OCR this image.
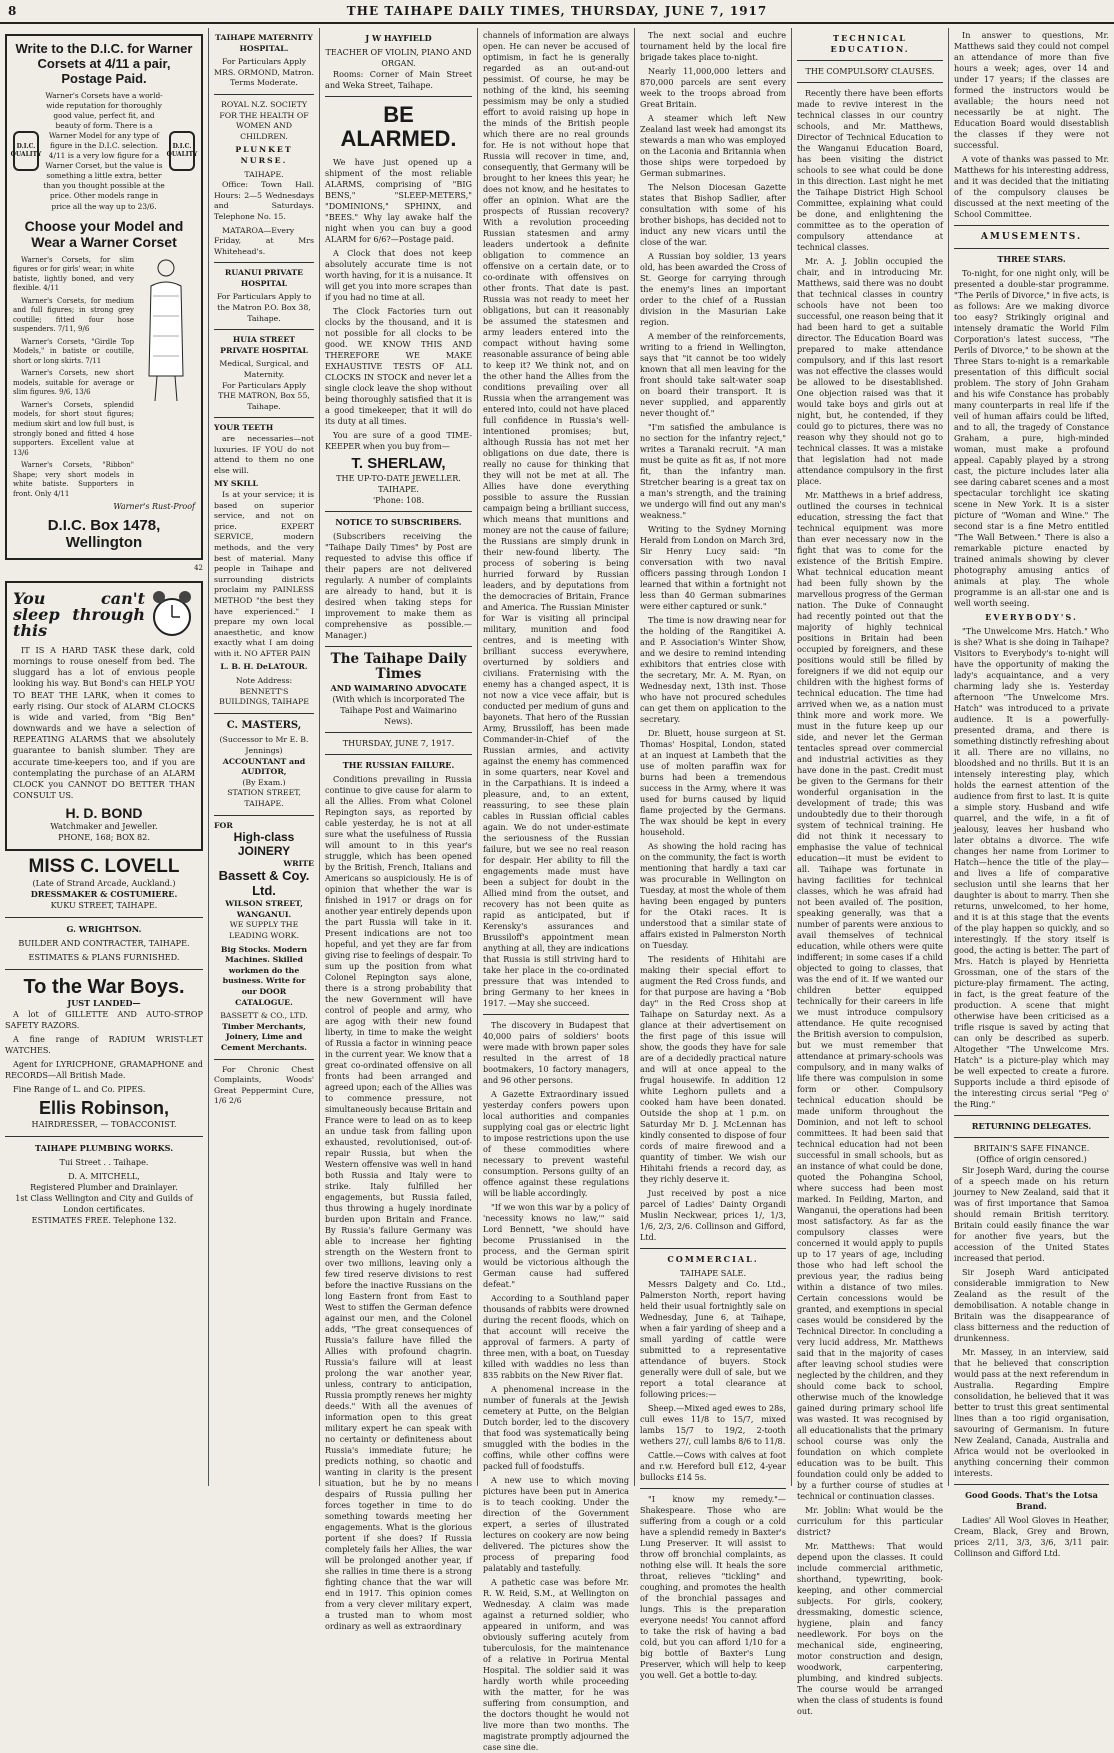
8	THE TAIHAPE DAILY TIMES, THURSDAY, JUNE 7, 1917
Write to the D.I.C. for Warner Corsets at 4/11 a pair, Postage Paid.
D.I.C. QUALITY
Warner's Corsets have a world-wide reputation for thoroughly good value, perfect fit, and beauty of form. There is a Warner Model for any type of figure in the D.I.C. selection. 4/11 is a very low figure for a Warner Corset, but the value is something a little extra, better than you thought possible at the price. Other models range in price all the way up to 23/6.
D.I.C. QUALITY
Choose your Model and Wear a Warner Corset

Warner's Corsets, for slim figures or for girls' wear; in white batiste, lightly boned, and very flexible. 4/11

Warner's Corsets, for medium and full figures; in strong grey coutille; fitted four hose suspenders. 7/11, 9/6

Warner's Corsets, "Girdle Top Models," in batiste or coutille, short or long skirts. 7/11

Warner's Corsets, new short models, suitable for average or slim figures. 9/6, 13/6

Warner's Corsets, splendid models, for short stout figures; medium skirt and low full bust, is strongly boned and fitted 4 hose supporters. Excellent value at 13/6

Warner's Corsets, "Ribbon" Shape; very short models in white batiste. Supporters in front. Only 4/11

Warner's Rust-Proof
D.I.C. Box 1478, Wellington
42
You can't sleep through this

IT IS A HARD TASK these dark, cold mornings to rouse oneself from bed. The sluggard has a lot of envious people looking his way. But Bond's can HELP YOU TO BEAT THE LARK, when it comes to early rising. Our stock of ALARM CLOCKS is wide and varied, from "Big Ben" downwards and we have a selection of REPEATING ALARMS that we absolutely guarantee to banish slumber. They are accurate time-keepers too, and if you are contemplating the purchase of an ALARM CLOCK you CANNOT DO BETTER THAN CONSULT US.

H. D. BOND
Watchmaker and Jeweller.
PHONE, 168; BOX 82.
MISS C. LOVELL
(Late of Strand Arcade, Auckland.)
DRESSMAKER & COSTUMIERE.
KUKU STREET, TAIHAPE.
G. WRIGHTSON.
BUILDER AND CONTRACTER, TAIHAPE.
ESTIMATES & PLANS FURNISHED.
To the War Boys.
JUST LANDED—

A lot of GILLETTE AND AUTO-STROP SAFETY RAZORS.

A fine range of RADIUM WRIST-LET WATCHES.

Agent for LYRICPHONE, GRAMAPHONE and RECORDS—All British Made.

Fine Range of L. and Co. PIPES.

Ellis Robinson,
HAIRDRESSER, — TOBACCONIST.
TAIHAPE PLUMBING WORKS.
Tui Street . . Taihape.
D. A. MITCHELL,
Registered Plumber and Drainlayer.
1st Class Wellington and City and Guilds of London certificates.
ESTIMATES FREE. Telephone 132.
TAIHAPE MATERNITY HOSPITAL.
For Particulars Apply MRS. ORMOND, Matron.
Terms Moderate.
ROYAL N.Z. SOCIETY FOR THE HEALTH OF WOMEN AND CHILDREN.
PLUNKET NURSE.
TAIHAPE.

Office: Town Hall. Hours: 2—5 Wednesdays and Saturdays. Telephone No. 15.

MATAROA—Every Friday, at Mrs Whitehead's.

RUANUI PRIVATE HOSPITAL
For Particulars Apply to the Matron P.O. Box 38, Taihape.
HUIA STREET PRIVATE HOSPITAL
Medical, Surgical, and Maternity.
For Particulars Apply THE MATRON, Box 55, Taihape.
YOUR TEETH

are necessaries—not luxuries. IF YOU do not attend to them no one else will.

MY SKILL

Is at your service; it is based on superior service, and not on price. EXPERT SERVICE, modern methods, and the very best of material. Many people in Taihape and surrounding districts proclaim my PAINLESS METHOD "the best they have experienced." I prepare my own local anaesthetic, and know exactly what I am doing with it. NO AFTER PAIN

L. B. H. DeLATOUR.
Note Address:
BENNETT'S BUILDINGS, TAIHAPE
C. MASTERS,
(Successor to Mr E. B. Jennings)
ACCOUNTANT and AUDITOR,
(By Exam.)
STATION STREET, TAIHAPE.
FOR
High-class JOINERY
WRITE
Bassett & Coy. Ltd.
WILSON STREET, WANGANUI.
WE SUPPLY THE LEADING WORK.
Big Stocks. Modern Machines. Skilled workmen do the business. Write for our DOOR CATALOGUE.
BASSETT & CO., LTD.
Timber Merchants, Joinery, Lime and Cement Merchants.

For Chronic Chest Complaints, Woods' Great Peppermint Cure, 1/6 2/6

J W HAYFIELD
TEACHER OF VIOLIN, PIANO AND ORGAN.

Rooms: Corner of Main Street and Weka Street, Taihape.

BE ALARMED.

We have just opened up a shipment of the most reliable ALARMS, comprising of "BIG BENS," "SLEEP-METERS," "DOMINIONS," SPHINX, and "BEES." Why lay awake half the night when you can buy a good ALARM for 6/6?—Postage paid.

A Clock that does not keep absolutely accurate time is not worth having, for it is a nuisance. It will get you into more scrapes than if you had no time at all.

The Clock Factories turn out clocks by the thousand, and it is not possible for all clocks to be good. WE KNOW THIS AND THEREFORE WE MAKE EXHAUSTIVE TESTS OF ALL CLOCKS IN STOCK and never let a single clock leave the shop without being thoroughly satisfied that it is a good timekeeper, that it will do its duty at all times.

You are sure of a good TIME-KEEPER when you buy from—

T. SHERLAW,
THE UP-TO-DATE JEWELLER.
TAIHAPE.
'Phone: 108.
NOTICE TO SUBSCRIBERS.

(Subscribers receiving the "Taihape Daily Times" by Post are requested to advise this office if their papers are not delivered regularly. A number of complaints are already to hand, but it is desired when taking steps for improvement to make them as comprehensive as possible.—Manager.)

The Taihape Daily Times
AND WAIMARINO ADVOCATE
(With which is incorporated The Taihape Post and Waimarino News).
THURSDAY, JUNE 7, 1917.
THE RUSSIAN FAILURE.

Conditions prevailing in Russia continue to give cause for alarm to all the Allies. From what Colonel Repington says, as reported by cable yesterday, he is not at all sure what the usefulness of Russia will amount to in this year's struggle, which has been opened by the British, French, Italians and Americans so auspiciously. He is of opinion that whether the war is finished in 1917 or drags on for another year entirely depends upon the part Russia will take in it. Present indications are not too hopeful, and yet they are far from giving rise to feelings of despair. To sum up the position from what Colonel Repington says alone, there is a strong probability that the new Government will have control of people and army, who are agog with their new found liberty, in time to make the weight of Russia a factor in winning peace in the current year. We know that a great co-ordinated offensive on all fronts had been arranged and agreed upon; each of the Allies was to commence pressure, not simultaneously because Britain and France were to lead on as to keep an undue task from falling upon exhausted, revolutionised, out-of-repair Russia, but when the Western offensive was well in hand both Russia and Italy were to strike. Italy fulfilled her engagements, but Russia failed, thus throwing a hugely inordinate burden upon Britain and France. By Russia's failure Germany was able to increase her fighting strength on the Western front to over two millions, leaving only a few tired reserve divisions to rest before the inactive Russians on the long Eastern front from East to West to stiffen the German defence against our men, and the Colonel adds, "The great consequences of Russia's failure have filled the Allies with profound chagrin. Russia's failure will at least prolong the war another year, unless, contrary to anticipation, Russia promptly renews her mighty deeds." With all the avenues of information open to this great military expert he can speak with no certainty or definiteness about Russia's immediate future; he predicts nothing, so chaotic and wanting in clarity is the present situation, but he by no means despairs of Russia pulling her forces together in time to do something towards meeting her engagements. What is the glorious portent if she does? If Russia completely fails her Allies, the war will be prolonged another year, if she rallies in time there is a strong fighting chance that the war will end in 1917. This opinion comes from a very clever military expert, a trusted man to whom most ordinary as well as extraordinary

channels of information are always open. He can never be accused of optimism, in fact he is generally regarded as an out-and-out pessimist. Of course, he may be nothing of the kind, his seeming pessimism may be only a studied effort to avoid raising up hope in the minds of the British people which there are no real grounds for. He is not without hope that Russia will recover in time, and, consequently, that Germany will be brought to her knees this year; he does not know, and he hesitates to offer an opinion. What are the prospects of Russian recovery? With a revolution proceeding Russian statesmen and army leaders undertook a definite obligation to commence an offensive on a certain date, or to co-ordinate with offensives on other fronts. That date is past. Russia was not ready to meet her obligations, but can it reasonably be assumed the statesmen and army leaders entered into the compact without having some reasonable assurance of being able to keep it? We think not, and on the other hand the Allies from the conditions prevailing over all Russia when the arrangement was entered into, could not have placed full confidence in Russia's well-intentioned promises; but, although Russia has not met her obligations on due date, there is really no cause for thinking that they will not be met at all. The Allies have done everything possible to assure the Russian campaign being a brilliant success, which means that munitions and money are not the cause of failure; the Russians are simply drunk in their new-found liberty. The process of sobering is being hurried forward by Russian leaders, and by deputations from the democracies of Britain, France and America. The Russian Minister for War is visiting all principal military, munition and food centres, and is meeting with brilliant success everywhere, overturned by soldiers and civilians. Fraternising with the enemy has a changed aspect, it is not now a vice vece affair, but is conducted per medium of guns and bayonets. That hero of the Russian Army, Brussiloff, has been made Commander-in-Chief of the Russian armies, and activity against the enemy has commenced in some quarters, near Kovel and in the Carpathians. It is indeed a pleasure, and, to an extent, reassuring, to see these plain cables in Russian official cables again. We do not under-estimate the seriousness of the Russian failure, but we see no real reason for despair. Her ability to fill the engagements made must have been a subject for doubt in the Allied mind from the outset, and recovery has not been quite as rapid as anticipated, but if Kerensky's assurances and Brussiloff's appointment mean anything at all, they are indications that Russia is still striving hard to take her place in the co-ordinated pressure that was intended to bring Germany to her knees in 1917. —May she succeed.

The discovery in Budapest that 40,000 pairs of soldiers' boots were made with brown paper soles resulted in the arrest of 18 bootmakers, 10 factory managers, and 96 other persons.

A Gazette Extraordinary issued yesterday confers powers upon local authorities and companies supplying coal gas or electric light to impose restrictions upon the use of these commodities where necessary to prevent wasteful consumption. Persons guilty of an offence against these regulations will be liable accordingly.

"If we won this war by a policy of 'necessity knows no law,'" said Lord Bennett, "we should have become Prussianised in the process, and the German spirit would be victorious although the German cause had suffered defeat."

According to a Southland paper thousands of rabbits were drowned during the recent floods, which on that account will receive the approval of farmers. A party of three men, with a boat, on Tuesday killed with waddies no less than 835 rabbits on the New River flat.

A phenomenal increase in the number of funerals at the Jewish cemetery at Putte, on the Belgian Dutch border, led to the discovery that food was systematically being smuggled with the bodies in the coffins, while other coffins were packed full of foodstuffs.

A new use to which moving pictures have been put in America is to teach cooking. Under the direction of the Government expert, a series of illustrated lectures on cookery are now being delivered. The pictures show the process of preparing food palatably and tastefully.

A pathetic case was before Mr. R. W. Reid, S.M., at Wellington on Wednesday. A claim was made against a returned soldier, who appeared in uniform, and was obviously suffering acutely from tuberculosis, for the maintenance of a relative in Porirua Mental Hospital. The soldier said it was hardly worth while proceeding with the matter, for he was suffering from consumption, and the doctors thought he would not live more than two months. The magistrate promptly adjourned the case sine die.

The next social and euchre tournament held by the local fire brigade takes place to-night.

Nearly 11,000,000 letters and 870,000 parcels are sent every week to the troops abroad from Great Britain.

A steamer which left New Zealand last week had amongst its stewards a man who was employed on the Laconia and Britannia when those ships were torpedoed by German submarines.

The Nelson Diocesan Gazette states that Bishop Sadlier, after consultation with some of his brother bishops, has decided not to induct any new vicars until the close of the war.

A Russian boy soldier, 13 years old, has been awarded the Cross of St. George for carrying through the enemy's lines an important order to the chief of a Russian division in the Masurian Lake region.

A member of the reinforcements, writing to a friend in Wellington, says that "it cannot be too widely known that all men leaving for the front should take salt-water soap on board their transport. It is never supplied, and apparently never thought of."

"I'm satisfied the ambulance is no section for the infantry reject," writes a Taranaki recruit. "A man must be quite as fit as, if not more fit, than the infantry man. Stretcher bearing is a great tax on a man's strength, and the training we undergo will find out any man's weakness."

Writing to the Sydney Morning Herald from London on March 3rd, Sir Henry Lucy said: "In conversation with two naval officers passing through London I learned that within a fortnight not less than 40 German submarines were either captured or sunk."

The time is now drawing near for the holding of the Rangitikei A. and P. Association's Winter Show, and we desire to remind intending exhibitors that entries close with the secretary, Mr. A. M. Ryan, on Wednesday next, 13th inst. Those who have not procured schedules can get them on application to the secretary.

Dr. Bluett, house surgeon at St. Thomas' Hospital, London, stated at an inquest at Lambeth that the use of molten paraffin wax for burns had been a tremendous success in the Army, where it was used for burns caused by liquid flame projected by the Germans. The wax should be kept in every household.

As showing the hold racing has on the community, the fact is worth mentioning that hardly a taxi car was procurable in Wellington on Tuesday, at most the whole of them having been engaged by punters for the Otaki races. It is understood that a similar state of affairs existed in Palmerston North on Tuesday.

The residents of Hihitahi are making their special effort to augment the Red Cross funds, and for that purpose are having a "Bob day" in the Red Cross shop at Taihape on Saturday next. As a glance at their advertisement on the first page of this issue will show, the goods they have for sale are of a decidedly practical nature and will at once appeal to the frugal housewife. In addition 12 white Leghorn pullets and a cooked ham have been donated. Outside the shop at 1 p.m. on Saturday Mr D. J. McLennan has kindly consented to dispose of four cords of maire firewood and a quantity of timber. We wish our Hihitahi friends a record day, as they richly deserve it.

Just received by post a nice parcel of Ladies' Dainty Organdi Muslin Neckwear, prices 1/, 1/3, 1/6, 2/3, 2/6. Collinson and Gifford, Ltd.

COMMERCIAL.
TAIHAPE SALE.

Messrs Dalgety and Co. Ltd., Palmerston North, report having held their usual fortnightly sale on Wednesday, June 6, at Taihape, when a fair yarding of sheep and a small yarding of cattle were submitted to a representative attendance of buyers. Stock generally were dull of sale, but we report a total clearance at following prices:—

Sheep.—Mixed aged ewes to 28s, cull ewes 11/8 to 15/7, mixed lambs 15/7 to 19/2, 2-tooth wethers 27/, cull lambs 8/6 to 11/8.

Cattle.—Cows with calves at foot and r.w. Hereford bull £12, 4-year bullocks £14 5s.

"I know my remedy."—Shakespeare. Those who are suffering from a cough or a cold have a splendid remedy in Baxter's Lung Preserver. It will assist to throw off bronchial complaints, as nothing else will. It heals the sore throat, relieves "tickling" and coughing, and promotes the health of the bronchial passages and lungs. This is the preparation everyone needs! You cannot afford to take the risk of having a bad cold, but you can afford 1/10 for a big bottle of Baxter's Lung Preserver, which will help to keep you well. Get a bottle to-day.

TECHNICAL EDUCATION.
THE COMPULSORY CLAUSES.

Recently there have been efforts made to revive interest in the technical classes in our country schools, and Mr. Matthews, Director of Technical Education to the Wanganui Education Board, has been visiting the district schools to see what could be done in this direction. Last night he met the Taihape District High School Committee, explaining what could be done, and enlightening the committee as to the operation of compulsory attendance at technical classes.

Mr. A. J. Joblin occupied the chair, and in introducing Mr. Matthews, said there was no doubt that technical classes in country schools have not been too successful, one reason being that it had been hard to get a suitable director. The Education Board was prepared to make attendance compulsory, and if this last resort was not effective the classes would be allowed to be disestablished. One objection raised was that it would take boys and girls out at night, but, he contended, if they could go to pictures, there was no reason why they should not go to technical classes. It was a mistake that legislation had not made attendance compulsory in the first place.

Mr. Matthews in a brief address, outlined the courses in technical education, stressing the fact that technical equipment was more than ever necessary now in the fight that was to come for the existence of the British Empire. What technical education meant had been fully shown by the marvellous progress of the German nation. The Duke of Connaught had recently pointed out that the majority of highly technical positions in Britain had been occupied by foreigners, and these positions would still be filled by foreigners if we did not equip our children with the highest forms of technical education. The time had arrived when we, as a nation must think more and work more. We must in the future keep up our side, and never let the German tentacles spread over commercial and industrial activities as they have done in the past. Credit must be given to the Germans for their wonderful organisation in the development of trade; this was undoubtedly due to their thorough system of technical training. He did not think it necessary to emphasise the value of technical education—it must be evident to all. Taihape was fortunate in having facilities for technical classes, which he was afraid had not been availed of. The position, speaking generally, was that a number of parents were anxious to avail themselves of technical education, while others were quite indifferent; in some cases if a child objected to going to classes, that was the end of it. If we wanted our children better equipped technically for their careers in life we must introduce compulsory attendance. He quite recognised the British aversion to compulsion, but we must remember that attendance at primary-schools was compulsory, and in many walks of life there was compulsion in some form or other. Compulsory technical education should be made uniform throughout the Dominion, and not left to school committees. It had been said that technical education had not been successful in small schools, but as an instance of what could be done, quoted the Pohangina School, where success had been most marked. In Feilding, Marton, and Wanganui, the operations had been most satisfactory. As far as the compulsory classes were concerned it would apply to pupils up to 17 years of age, including those who had left school the previous year, the radius being within a distance of two miles. Certain concessions would be granted, and exemptions in special cases would be considered by the Technical Director. In concluding a very lucid address, Mr. Matthews said that in the majority of cases after leaving school studies were neglected by the children, and they should come back to school, otherwise much of the knowledge gained during primary school life was wasted. It was recognised by all educationalists that the primary school course was only the foundation on which complete education was to be built. This foundation could only be added to by a further course of studies at technical or continuation classes.

Mr. Joblin: What would be the curriculum for this particular district?

Mr. Matthews: That would depend upon the classes. It could include commercial arithmetic, shorthand, typewriting, book-keeping, and other commercial subjects. For girls, cookery, dressmaking, domestic science, hygiene, plain and fancy needlework. For boys on the mechanical side, engineering, motor construction and design, woodwork, carpentering, plumbing, and kindred subjects. The course would be arranged when the class of students is found out.

In answer to questions, Mr. Matthews said they could not compel an attendance of more than five hours a week; ages, over 14 and under 17 years; if the classes are formed the instructors would be available; the hours need not necessarily be at night. The Education Board would disestablish the classes if they were not successful.

A vote of thanks was passed to Mr. Matthews for his interesting address, and it was decided that the initiating of the compulsory clauses be discussed at the next meeting of the School Committee.

AMUSEMENTS.
THREE STARS.

To-night, for one night only, will be presented a double-star programme. "The Perils of Divorce," in five acts, is as follows: Are we making divorce too easy? Strikingly original and intensely dramatic the World Film Corporation's latest success, "The Perils of Divorce," to be shown at the Three Stars to-night is a remarkable presentation of this difficult social problem. The story of John Graham and his wife Constance has probably many counterparts in real life if the veil of human affairs could be lifted, and to all, the tragedy of Constance Graham, a pure, high-minded woman, must make a profound appeal. Capably played by a strong cast, the picture includes later alia see daring cabaret scenes and a most spectacular torchlight ice skating scene in New York. It is a sister picture of "Woman and Wine." The second star is a fine Metro entitled "The Wall Between." There is also a remarkable picture enacted by trained animals showing by clever photography amusing antics of animals at play. The whole programme is an all-star one and is well worth seeing.

EVERYBODY'S.

"The Unwelcome Mrs. Hatch." Who is she? What is she doing in Taihape? Visitors to Everybody's to-night will have the opportunity of making the lady's acquaintance, and a very charming lady she is. Yesterday afternoon "The Unwelcome Mrs. Hatch" was introduced to a private audience. It is a powerfully-presented drama, and there is something distinctly refreshing about it all. There are no villains, no bloodshed and no thrills. But it is an intensely interesting play, which holds the earnest attention of the audience from first to last. It is quite a simple story. Husband and wife quarrel, and the wife, in a fit of jealousy, leaves her husband who later obtains a divorce. The wife changes her name from Lorimer to Hatch—hence the title of the play—and lives a life of comparative seclusion until she learns that her daughter is about to marry. Then she returns, unwelcomed, to her home, and it is at this stage that the events of the play happen so quickly, and so interestingly. If the story itself is good, the acting is better. The part of Mrs. Hatch is played by Henrietta Grossman, one of the stars of the picture-play firmament. The acting, in fact, is the great feature of the production. A scene that might otherwise have been criticised as a trifle risque is saved by acting that can only be described as superb. Altogether "The Unwelcome Mrs. Hatch" is a picture-play which may be well expected to create a furore. Supports include a third episode of the interesting circus serial "Peg o' the Ring."

RETURNING DELEGATES.
BRITAIN'S SAFE FINANCE.
(Office of origin censored.)

Sir Joseph Ward, during the course of a speech made on his return journey to New Zealand, said that it was of first importance that Samoa should remain British territory. Britain could easily finance the war for another five years, but the accession of the United States increased that period.

Sir Joseph Ward anticipated considerable immigration to New Zealand as the result of the demobilisation. A notable change in Britain was the disappearance of class bitterness and the reduction of drunkenness.

Mr. Massey, in an interview, said that he believed that conscription would pass at the next referendum in Australia. Regarding Empire consolidation, he believed that it was better to trust this great sentimental lines than a too rigid organisation, savouring of Germanism. In future New Zealand, Canada, Australia and Africa would not be overlooked in anything concerning their common interests.

Good Goods. That's the Lotsa Brand.

Ladies' All Wool Gloves in Heather, Cream, Black, Grey and Brown, prices 2/11, 3/3, 3/6, 3/11 pair. Collinson and Gifford Ltd.
